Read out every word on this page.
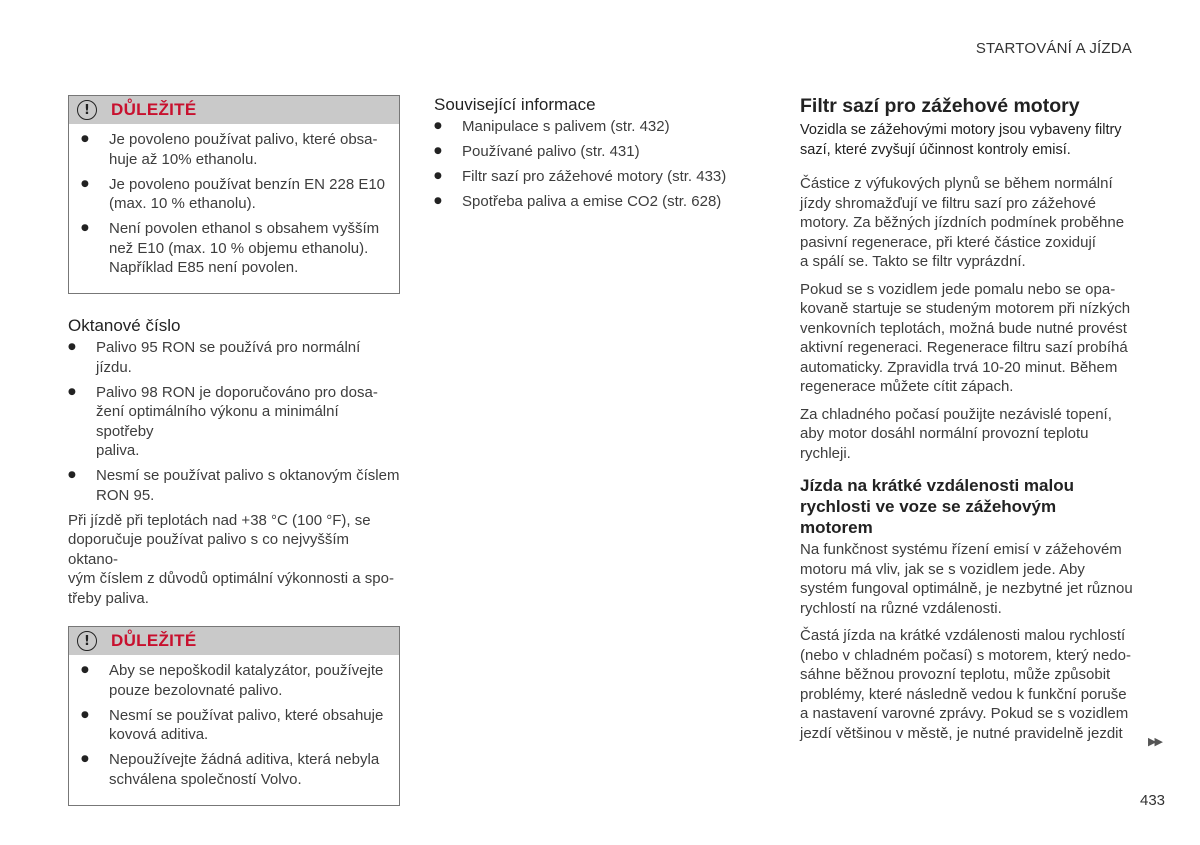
STARTOVÁNÍ A JÍZDA
!	DŮLEŽITÉ
● Je povoleno používat palivo, které obsa-
huje až 10% ethanolu.
● Je povoleno používat benzín EN 228 E10
(max. 10 % ethanolu).
● Není povolen ethanol s obsahem vyšším
než E10 (max. 10 % objemu ethanolu).
Například E85 není povolen.
Oktanové číslo
● Palivo 95 RON se používá pro normální jízdu.
● Palivo 98 RON je doporučováno pro dosa-
žení optimálního výkonu a minimální spotřeby
paliva.
● Nesmí se používat palivo s oktanovým číslem
RON 95.

Při jízdě při teplotách nad +38 °C (100 °F), se
doporučuje používat palivo s co nejvyšším oktano-
vým číslem z důvodů optimální výkonnosti a spo-
třeby paliva.

!	DŮLEŽITÉ
● Aby se nepoškodil katalyzátor, používejte
pouze bezolovnaté palivo.
● Nesmí se používat palivo, které obsahuje
kovová aditiva.
● Nepoužívejte žádná aditiva, která nebyla
schválena společností Volvo.
Související informace
● Manipulace s palivem (str. 432)
● Používané palivo (str. 431)
● Filtr sazí pro zážehové motory (str. 433)
● Spotřeba paliva a emise CO2 (str. 628)
Filtr sazí pro zážehové motory

Vozidla se zážehovými motory jsou vybaveny filtry
sazí, které zvyšují účinnost kontroly emisí.

Částice z výfukových plynů se během normální
jízdy shromažďují ve filtru sazí pro zážehové
motory. Za běžných jízdních podmínek proběhne
pasivní regenerace, při které částice zoxidují
a spálí se. Takto se filtr vyprázdní.

Pokud se s vozidlem jede pomalu nebo se opa-
kovaně startuje se studeným motorem při nízkých
venkovních teplotách, možná bude nutné provést
aktivní regeneraci. Regenerace filtru sazí probíhá
automaticky. Zpravidla trvá 10-20 minut. Během
regenerace můžete cítit zápach.

Za chladného počasí použijte nezávislé topení,
aby motor dosáhl normální provozní teplotu
rychleji.

Jízda na krátké vzdálenosti malou
rychlosti ve voze se zážehovým
motorem

Na funkčnost systému řízení emisí v zážehovém
motoru má vliv, jak se s vozidlem jede. Aby
systém fungoval optimálně, je nezbytné jet různou
rychlostí na různé vzdálenosti.

Častá jízda na krátké vzdálenosti malou rychlostí
(nebo v chladném počasí) s motorem, který nedo-
sáhne běžnou provozní teplotu, může způsobit
problémy, které následně vedou k funkční poruše
a nastavení varovné zprávy. Pokud se s vozidlem
jezdí většinou v městě, je nutné pravidelně jezdit

▶▶
433
